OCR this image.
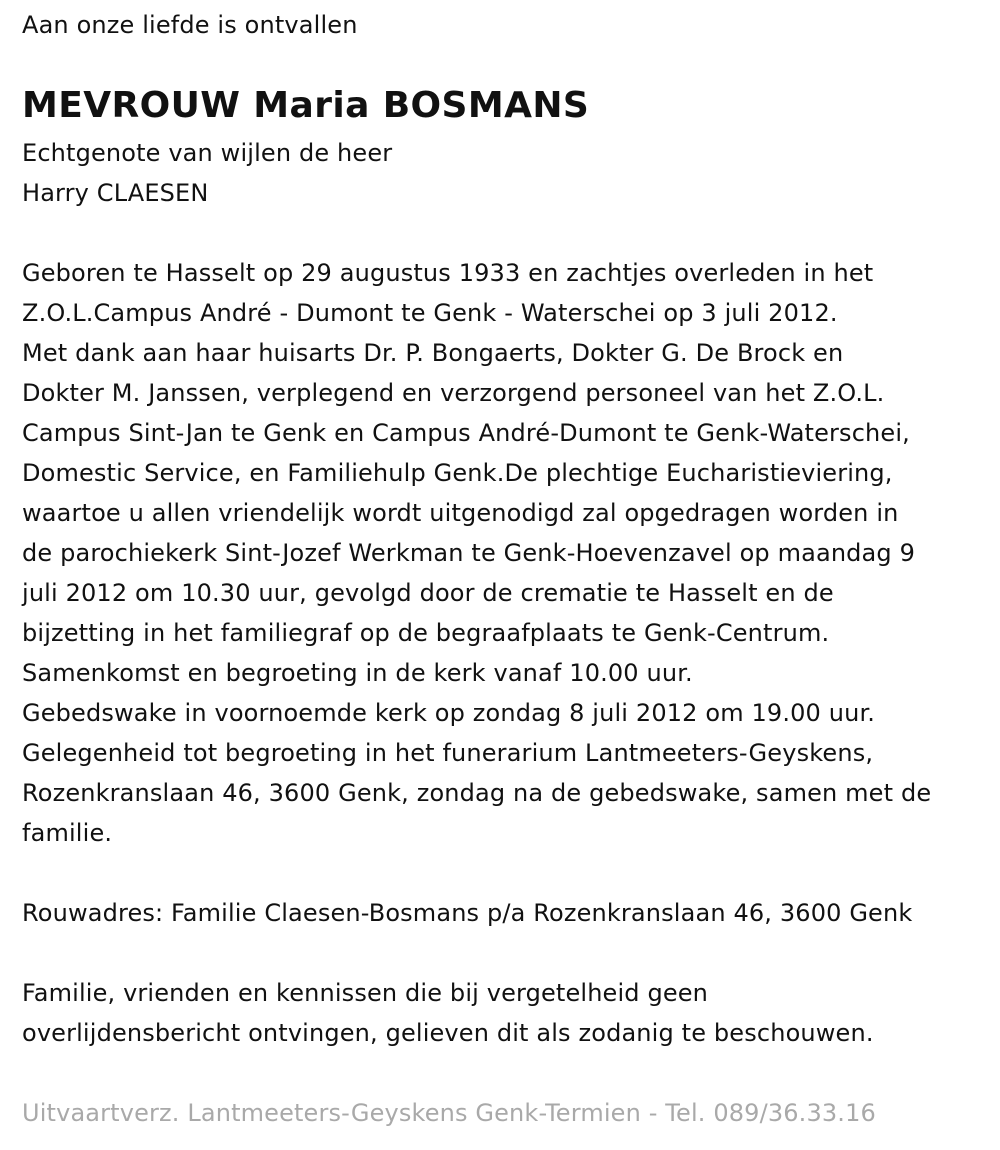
Aan onze liefde is ontvallen
MEVROUW Maria BOSMANS
Echtgenote van wijlen de heer
Harry CLAESEN
Geboren te Hasselt op 29 augustus 1933 en zachtjes overleden in het
Z.O.L.Campus André - Dumont te Genk - Waterschei op 3 juli 2012.
Met dank aan haar huisarts Dr. P. Bongaerts, Dokter G. De Brock en
Dokter M. Janssen, verplegend en verzorgend personeel van het Z.O.L.
Campus Sint-Jan te Genk en Campus André-Dumont te Genk-Waterschei,
Domestic Service, en Familiehulp Genk.De plechtige Eucharistieviering,
waartoe u allen vriendelijk wordt uitgenodigd zal opgedragen worden in
de parochiekerk Sint-Jozef Werkman te Genk-Hoevenzavel op maandag 9
juli 2012 om 10.30 uur, gevolgd door de crematie te Hasselt en de
bijzetting in het familiegraf op de begraafplaats te Genk-Centrum.
Samenkomst en begroeting in de kerk vanaf 10.00 uur.
Gebedswake in voornoemde kerk op zondag 8 juli 2012 om 19.00 uur.
Gelegenheid tot begroeting in het funerarium Lantmeeters-Geyskens,
Rozenkranslaan 46, 3600 Genk, zondag na de gebedswake, samen met de
familie.
Rouwadres: Familie Claesen-Bosmans p/a Rozenkranslaan 46, 3600 Genk
Familie, vrienden en kennissen die bij vergetelheid geen
overlijdensbericht ontvingen, gelieven dit als zodanig te beschouwen.
Uitvaartverz. Lantmeeters-Geyskens Genk-Termien - Tel. 089/36.33.16
